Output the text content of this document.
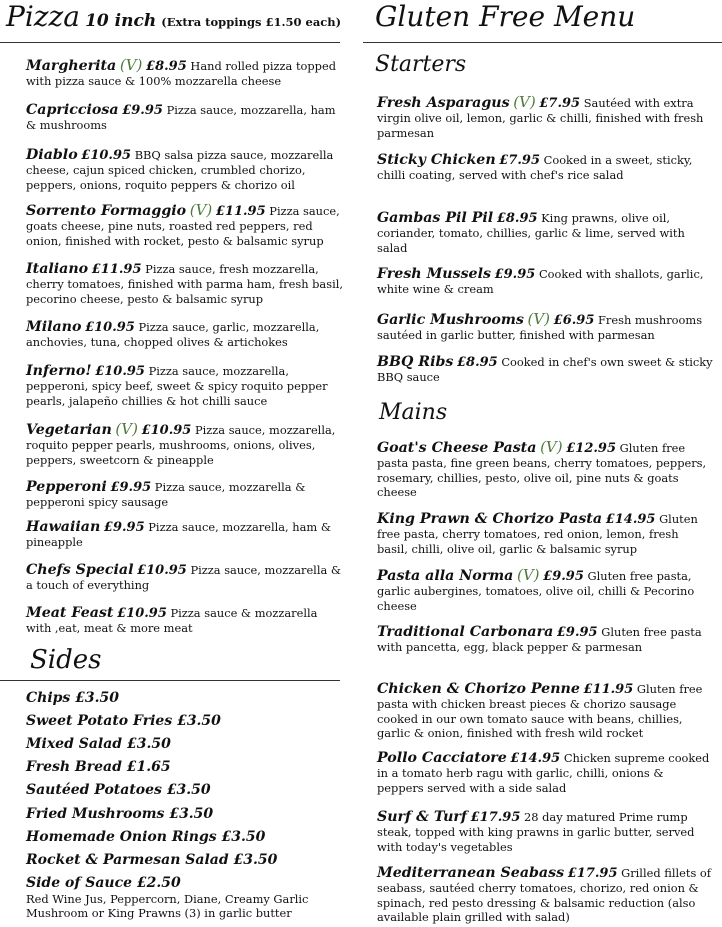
Pizza 10 inch (Extra toppings £1.50 each)
Margherita (V) £8.95 Hand rolled pizza topped with pizza sauce & 100% mozzarella cheese
Capricciosa £9.95 Pizza sauce, mozzarella, ham & mushrooms
Diablo £10.95 BBQ salsa pizza sauce, mozzarella cheese, cajun spiced chicken, crumbled chorizo, peppers, onions, roquito peppers & chorizo oil
Sorrento Formaggio (V) £11.95 Pizza sauce, goats cheese, pine nuts, roasted red peppers, red onion, finished with rocket, pesto & balsamic syrup
Italiano £11.95 Pizza sauce, fresh mozzarella, cherry tomatoes, finished with parma ham, fresh basil, pecorino cheese, pesto & balsamic syrup
Milano £10.95 Pizza sauce, garlic, mozzarella, anchovies, tuna, chopped olives & artichokes
Inferno! £10.95 Pizza sauce, mozzarella, pepperoni, spicy beef, sweet & spicy roquito pepper pearls, jalapeño chillies & hot chilli sauce
Vegetarian (V) £10.95 Pizza sauce, mozzarella, roquito pepper pearls, mushrooms, onions, olives, peppers, sweetcorn & pineapple
Pepperoni £9.95 Pizza sauce, mozzarella & pepperoni spicy sausage
Hawaiian £9.95 Pizza sauce, mozzarella, ham & pineapple
Chefs Special £10.95 Pizza sauce, mozzarella & a touch of everything
Meat Feast £10.95 Pizza sauce & mozzarella with ,eat, meat & more meat
Sides
Chips £3.50
Sweet Potato Fries £3.50
Mixed Salad £3.50
Fresh Bread £1.65
Sautéed Potatoes £3.50
Fried Mushrooms £3.50
Homemade Onion Rings £3.50
Rocket & Parmesan Salad £3.50
Side of Sauce £2.50
Red Wine Jus, Peppercorn, Diane, Creamy Garlic Mushroom or King Prawns (3) in garlic butter
Gluten Free Menu
Starters
Fresh Asparagus (V) £7.95 Sautéed with extra virgin olive oil, lemon, garlic & chilli, finished with fresh parmesan
Sticky Chicken £7.95 Cooked in a sweet, sticky, chilli coating, served with chef's rice salad
Gambas Pil Pil £8.95 King prawns, olive oil, coriander, tomato, chillies, garlic & lime, served with salad
Fresh Mussels £9.95 Cooked with shallots, garlic, white wine & cream
Garlic Mushrooms (V) £6.95 Fresh mushrooms sautéed in garlic butter, finished with parmesan
BBQ Ribs £8.95 Cooked in chef's own sweet & sticky BBQ sauce
Mains
Goat's Cheese Pasta (V) £12.95 Gluten free pasta pasta, fine green beans, cherry tomatoes, peppers, rosemary, chillies, pesto, olive oil, pine nuts & goats cheese
King Prawn & Chorizo Pasta £14.95 Gluten free pasta, cherry tomatoes, red onion, lemon, fresh basil, chilli, olive oil, garlic & balsamic syrup
Pasta alla Norma (V) £9.95 Gluten free pasta, garlic aubergines, tomatoes, olive oil, chilli & Pecorino cheese
Traditional Carbonara £9.95 Gluten free pasta with pancetta, egg, black pepper & parmesan
Chicken & Chorizo Penne £11.95 Gluten free pasta with chicken breast pieces & chorizo sausage cooked in our own tomato sauce with beans, chillies, garlic & onion, finished with fresh wild rocket
Pollo Cacciatore £14.95 Chicken supreme cooked in a tomato herb ragu with garlic, chilli, onions & peppers served with a side salad
Surf & Turf £17.95 28 day matured Prime rump steak, topped with king prawns in garlic butter, served with today's vegetables
Mediterranean Seabass £17.95 Grilled fillets of seabass, sautéed cherry tomatoes, chorizo, red onion & spinach, red pesto dressing & balsamic reduction (also available plain grilled with salad)
